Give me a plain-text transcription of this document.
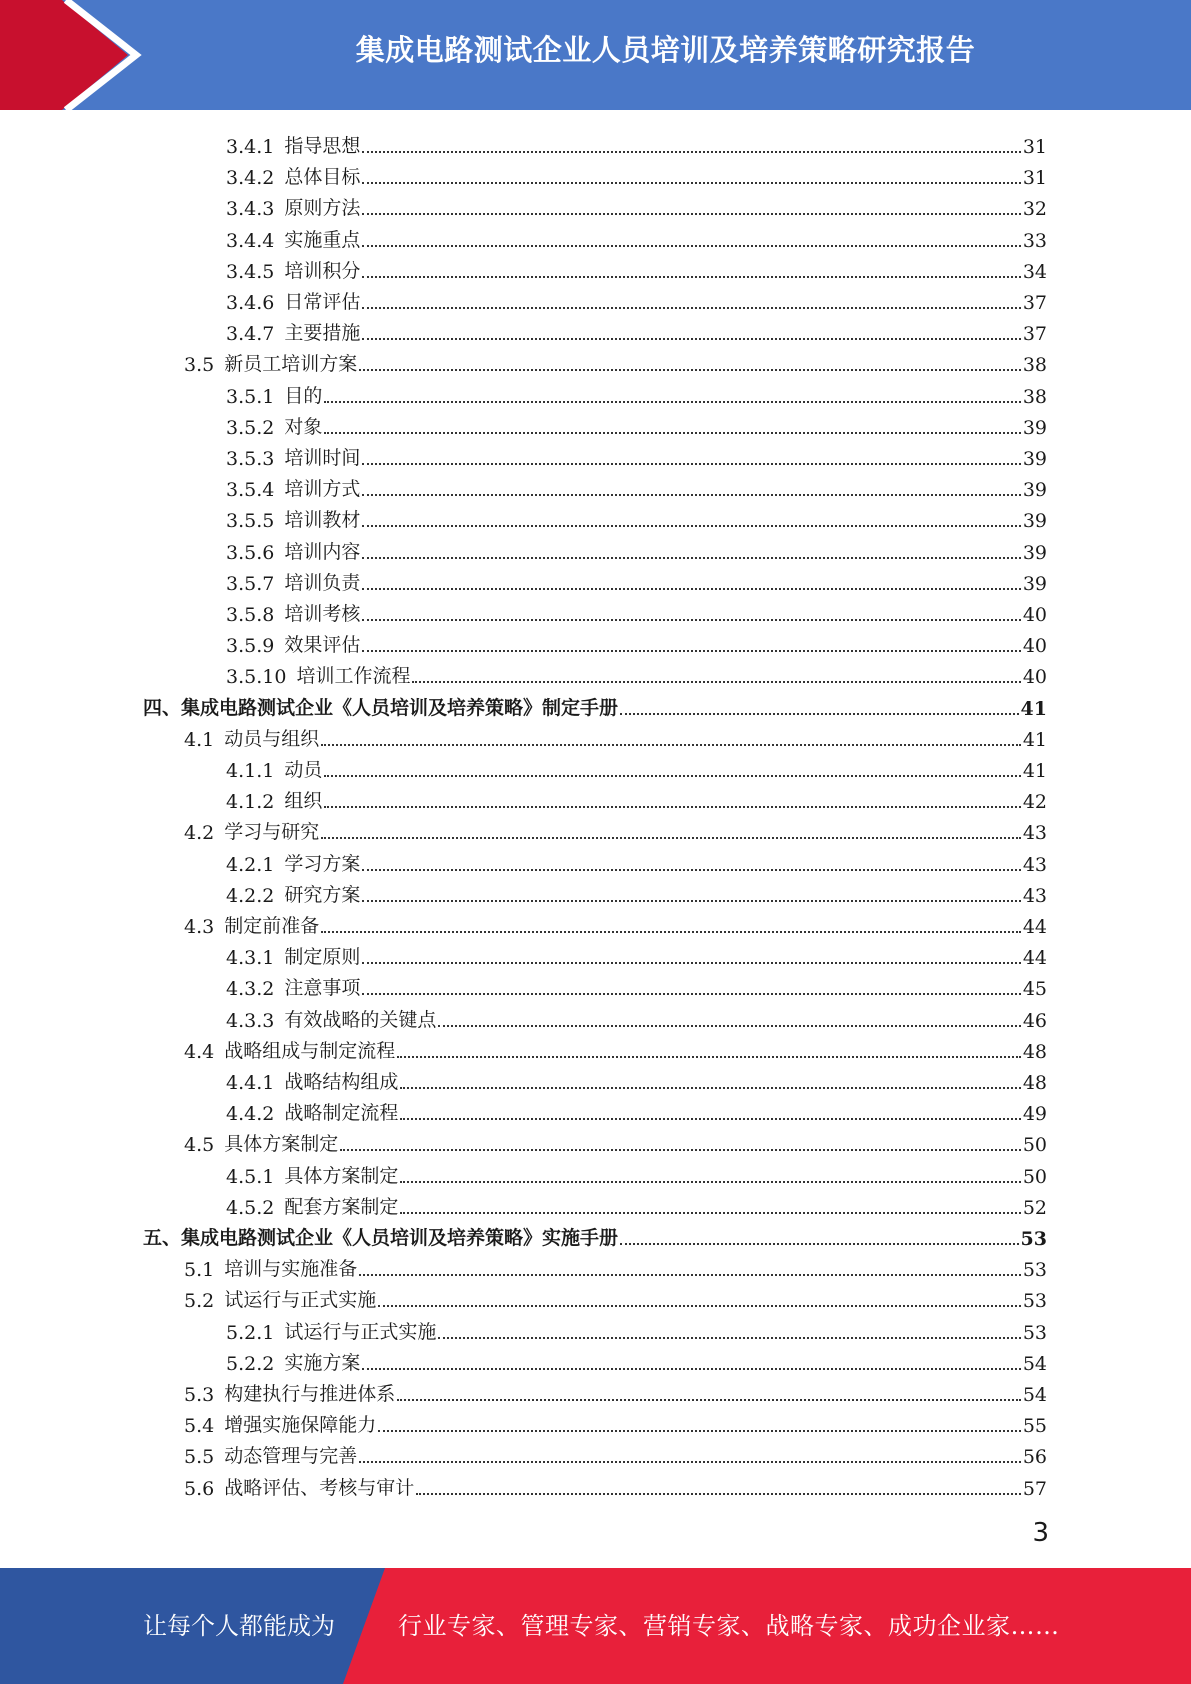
集成电路测试企业人员培训及培养策略研究报告
3.4.1 指导思想	31
3.4.2 总体目标	31
3.4.3 原则方法	32
3.4.4 实施重点	33
3.4.5 培训积分	34
3.4.6 日常评估	37
3.4.7 主要措施	37
3.5 新员工培训方案	38
3.5.1 目的	38
3.5.2 对象	39
3.5.3 培训时间	39
3.5.4 培训方式	39
3.5.5 培训教材	39
3.5.6 培训内容	39
3.5.7 培训负责	39
3.5.8 培训考核	40
3.5.9 效果评估	40
3.5.10 培训工作流程	40
四、集成电路测试企业《人员培训及培养策略》制定手册	41
4.1 动员与组织	41
4.1.1 动员	41
4.1.2 组织	42
4.2 学习与研究	43
4.2.1 学习方案	43
4.2.2 研究方案	43
4.3 制定前准备	44
4.3.1 制定原则	44
4.3.2 注意事项	45
4.3.3 有效战略的关键点	46
4.4 战略组成与制定流程	48
4.4.1 战略结构组成	48
4.4.2 战略制定流程	49
4.5 具体方案制定	50
4.5.1 具体方案制定	50
4.5.2 配套方案制定	52
五、集成电路测试企业《人员培训及培养策略》实施手册	53
5.1 培训与实施准备	53
5.2 试运行与正式实施	53
5.2.1 试运行与正式实施	53
5.2.2 实施方案	54
5.3 构建执行与推进体系	54
5.4 增强实施保障能力	55
5.5 动态管理与完善	56
5.6 战略评估、考核与审计	57
3
让每个人都能成为	行业专家、管理专家、营销专家、战略专家、成功企业家……
